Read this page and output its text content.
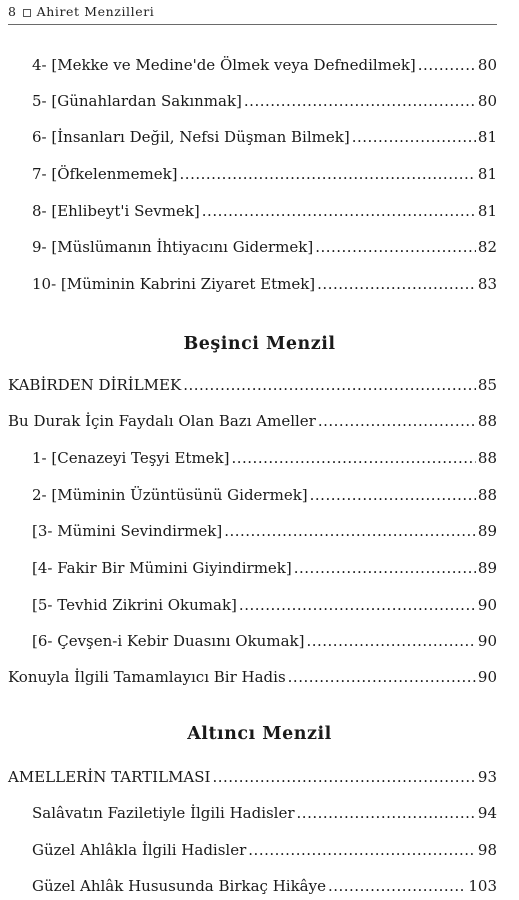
8 Ahiret Menzilleri
4- [Mekke ve Medine'de Ölmek veya Defnedilmek] .....	80
5- [Günahlardan Sakınmak] .....	80
6- [İnsanları Değil, Nefsi Düşman Bilmek] .....	81
7- [Öfkelenmemek] .....	81
8- [Ehlibeyt'i Sevmek] .....	81
9- [Müslümanın İhtiyacını Gidermek] .....	82
10- [Müminin Kabrini Ziyaret Etmek] .....	83
Beşinci Menzil
KABİRDEN DİRİLMEK .....	85
Bu Durak İçin Faydalı Olan Bazı Ameller .....	88
1- [Cenazeyi Teşyi Etmek] .....	88
2- [Müminin Üzüntüsünü Gidermek] .....	88
[3- Mümini Sevindirmek] .....	89
[4- Fakir Bir Mümini Giyindirmek] .....	89
[5- Tevhid Zikrini Okumak] .....	90
[6- Çevşen-i Kebir Duasını Okumak] .....	90
Konuyla İlgili Tamamlayıcı Bir Hadis .....	90
Altıncı Menzil
AMELLERİN TARTILMASI .....	93
Salâvatın Faziletiyle İlgili Hadisler .....	94
Güzel Ahlâkla İlgili Hadisler .....	98
Güzel Ahlâk Hususunda Birkaç Hikâye .....	103
